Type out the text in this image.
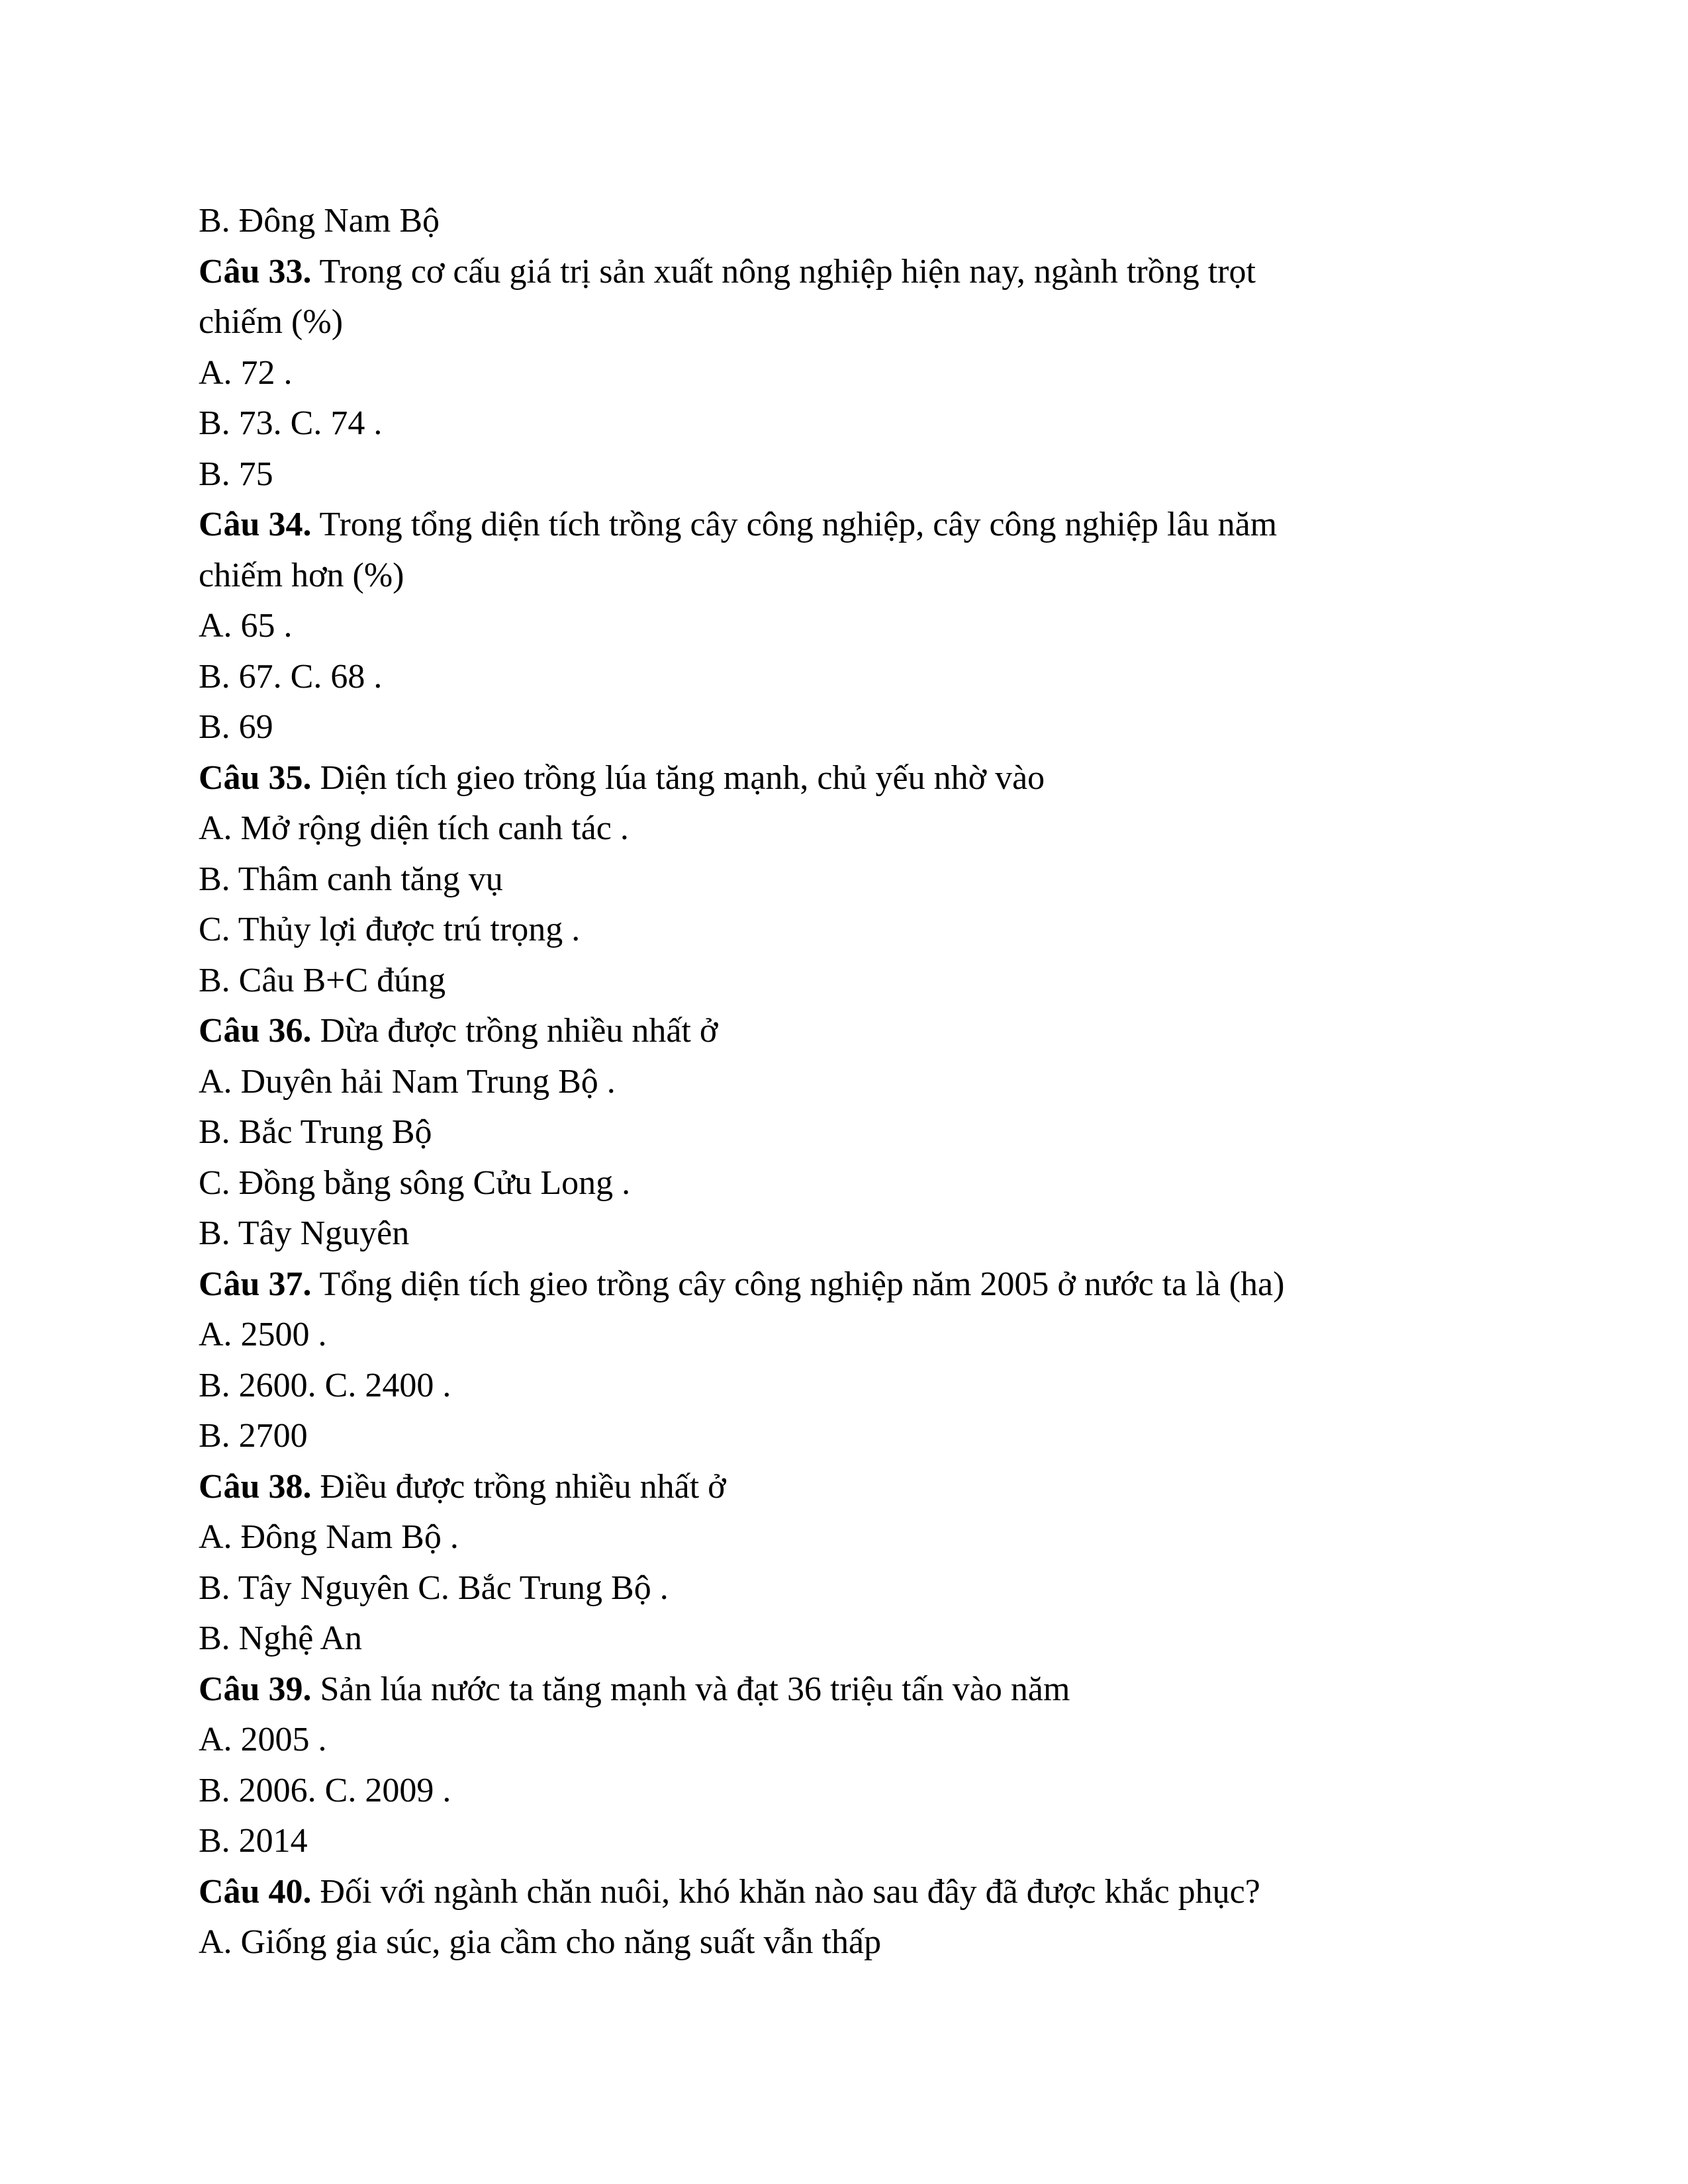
B. Đông Nam Bộ
Câu 33. Trong cơ cấu giá trị sản xuất nông nghiệp hiện nay, ngành trồng trọt
chiếm (%)
A. 72 .
B. 73. C. 74 .
B. 75
Câu 34. Trong tổng diện tích trồng cây công nghiệp, cây công nghiệp lâu năm
chiếm hơn (%)
A. 65 .
B. 67. C. 68 .
B. 69
Câu 35. Diện tích gieo trồng lúa tăng mạnh, chủ yếu nhờ vào
A. Mở rộng diện tích canh tác .
B. Thâm canh tăng vụ
C. Thủy lợi được trú trọng .
B. Câu B+C đúng
Câu 36. Dừa được trồng nhiều nhất ở
A. Duyên hải Nam Trung Bộ .
B. Bắc Trung Bộ
C. Đồng bằng sông Cửu Long .
B. Tây Nguyên
Câu 37. Tổng diện tích gieo trồng cây công nghiệp năm 2005 ở nước ta là (ha)
A. 2500 .
B. 2600. C. 2400 .
B. 2700
Câu 38. Điều được trồng nhiều nhất ở
A. Đông Nam Bộ .
B. Tây Nguyên C. Bắc Trung Bộ .
B. Nghệ An
Câu 39. Sản lúa nước ta tăng mạnh và đạt 36 triệu tấn vào năm
A. 2005 .
B. 2006. C. 2009 .
B. 2014
Câu 40. Đối với ngành chăn nuôi, khó khăn nào sau đây đã được khắc phục?
A. Giống gia súc, gia cầm cho năng suất vẫn thấp
